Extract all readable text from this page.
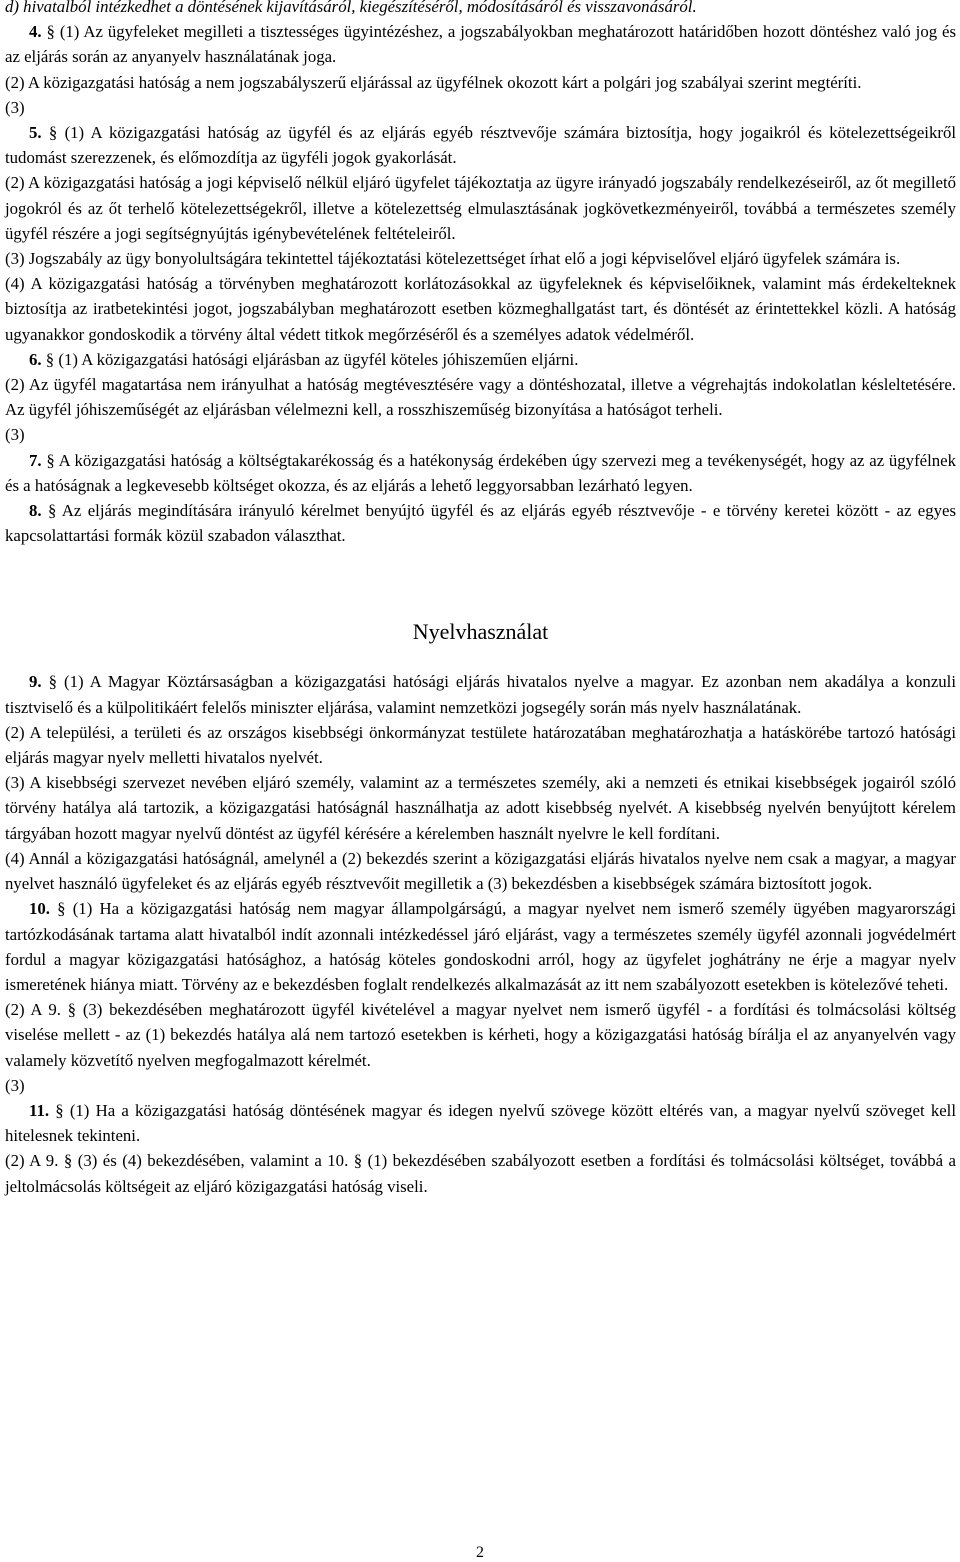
d) hivatalból intézkedhet a döntésének kijavításáról, kiegészítéséről, módosításáról és visszavonásáról.

4. § (1) Az ügyfeleket megilleti a tisztességes ügyintézéshez, a jogszabályokban meghatározott határidőben hozott döntéshez való jog és az eljárás során az anyanyelv használatának joga.

(2) A közigazgatási hatóság a nem jogszabályszerű eljárással az ügyfélnek okozott kárt a polgári jog szabályai szerint megtéríti.

(3)

5. § (1) A közigazgatási hatóság az ügyfél és az eljárás egyéb résztvevője számára biztosítja, hogy jogaikról és kötelezettségeikről tudomást szerezzenek, és előmozdítja az ügyféli jogok gyakorlását.

(2) A közigazgatási hatóság a jogi képviselő nélkül eljáró ügyfelet tájékoztatja az ügyre irányadó jogszabály rendelkezéseiről, az őt megillető jogokról és az őt terhelő kötelezettségekről, illetve a kötelezettség elmulasztásának jogkövetkezményeiről, továbbá a természetes személy ügyfél részére a jogi segítségnyújtás igénybevételének feltételeiről.

(3) Jogszabály az ügy bonyolultságára tekintettel tájékoztatási kötelezettséget írhat elő a jogi képviselővel eljáró ügyfelek számára is.

(4) A közigazgatási hatóság a törvényben meghatározott korlátozásokkal az ügyfeleknek és képviselőiknek, valamint más érdekelteknek biztosítja az iratbetekintési jogot, jogszabályban meghatározott esetben közmeghallgatást tart, és döntését az érintettekkel közli. A hatóság ugyanakkor gondoskodik a törvény által védett titkok megőrzéséről és a személyes adatok védelméről.

6. § (1) A közigazgatási hatósági eljárásban az ügyfél köteles jóhiszeműen eljárni.

(2) Az ügyfél magatartása nem irányulhat a hatóság megtévesztésére vagy a döntéshozatal, illetve a végrehajtás indokolatlan késleltetésére. Az ügyfél jóhiszeműségét az eljárásban vélelmezni kell, a rosszhiszeműség bizonyítása a hatóságot terheli.

(3)

7. § A közigazgatási hatóság a költségtakarékosság és a hatékonyság érdekében úgy szervezi meg a tevékenységét, hogy az az ügyfélnek és a hatóságnak a legkevesebb költséget okozza, és az eljárás a lehető leggyorsabban lezárható legyen.

8. § Az eljárás megindítására irányuló kérelmet benyújtó ügyfél és az eljárás egyéb résztvevője - e törvény keretei között - az egyes kapcsolattartási formák közül szabadon választhat.

Nyelvhasználat

9. § (1) A Magyar Köztársaságban a közigazgatási hatósági eljárás hivatalos nyelve a magyar. Ez azonban nem akadálya a konzuli tisztviselő és a külpolitikáért felelős miniszter eljárása, valamint nemzetközi jogsegély során más nyelv használatának.

(2) A települési, a területi és az országos kisebbségi önkormányzat testülete határozatában meghatározhatja a hatáskörébe tartozó hatósági eljárás magyar nyelv melletti hivatalos nyelvét.

(3) A kisebbségi szervezet nevében eljáró személy, valamint az a természetes személy, aki a nemzeti és etnikai kisebbségek jogairól szóló törvény hatálya alá tartozik, a közigazgatási hatóságnál használhatja az adott kisebbség nyelvét. A kisebbség nyelvén benyújtott kérelem tárgyában hozott magyar nyelvű döntést az ügyfél kérésére a kérelemben használt nyelvre le kell fordítani.

(4) Annál a közigazgatási hatóságnál, amelynél a (2) bekezdés szerint a közigazgatási eljárás hivatalos nyelve nem csak a magyar, a magyar nyelvet használó ügyfeleket és az eljárás egyéb résztvevőit megilletik a (3) bekezdésben a kisebbségek számára biztosított jogok.

10. § (1) Ha a közigazgatási hatóság nem magyar állampolgárságú, a magyar nyelvet nem ismerő személy ügyében magyarországi tartózkodásának tartama alatt hivatalból indít azonnali intézkedéssel járó eljárást, vagy a természetes személy ügyfél azonnali jogvédelmért fordul a magyar közigazgatási hatósághoz, a hatóság köteles gondoskodni arról, hogy az ügyfelet joghátrány ne érje a magyar nyelv ismeretének hiánya miatt. Törvény az e bekezdésben foglalt rendelkezés alkalmazását az itt nem szabályozott esetekben is kötelezővé teheti.

(2) A 9. § (3) bekezdésében meghatározott ügyfél kivételével a magyar nyelvet nem ismerő ügyfél - a fordítási és tolmácsolási költség viselése mellett - az (1) bekezdés hatálya alá nem tartozó esetekben is kérheti, hogy a közigazgatási hatóság bírálja el az anyanyelvén vagy valamely közvetítő nyelven megfogalmazott kérelmét.

(3)

11. § (1) Ha a közigazgatási hatóság döntésének magyar és idegen nyelvű szövege között eltérés van, a magyar nyelvű szöveget kell hitelesnek tekinteni.

(2) A 9. § (3) és (4) bekezdésében, valamint a 10. § (1) bekezdésében szabályozott esetben a fordítási és tolmácsolási költséget, továbbá a jeltolmácsolás költségeit az eljáró közigazgatási hatóság viseli.

2
